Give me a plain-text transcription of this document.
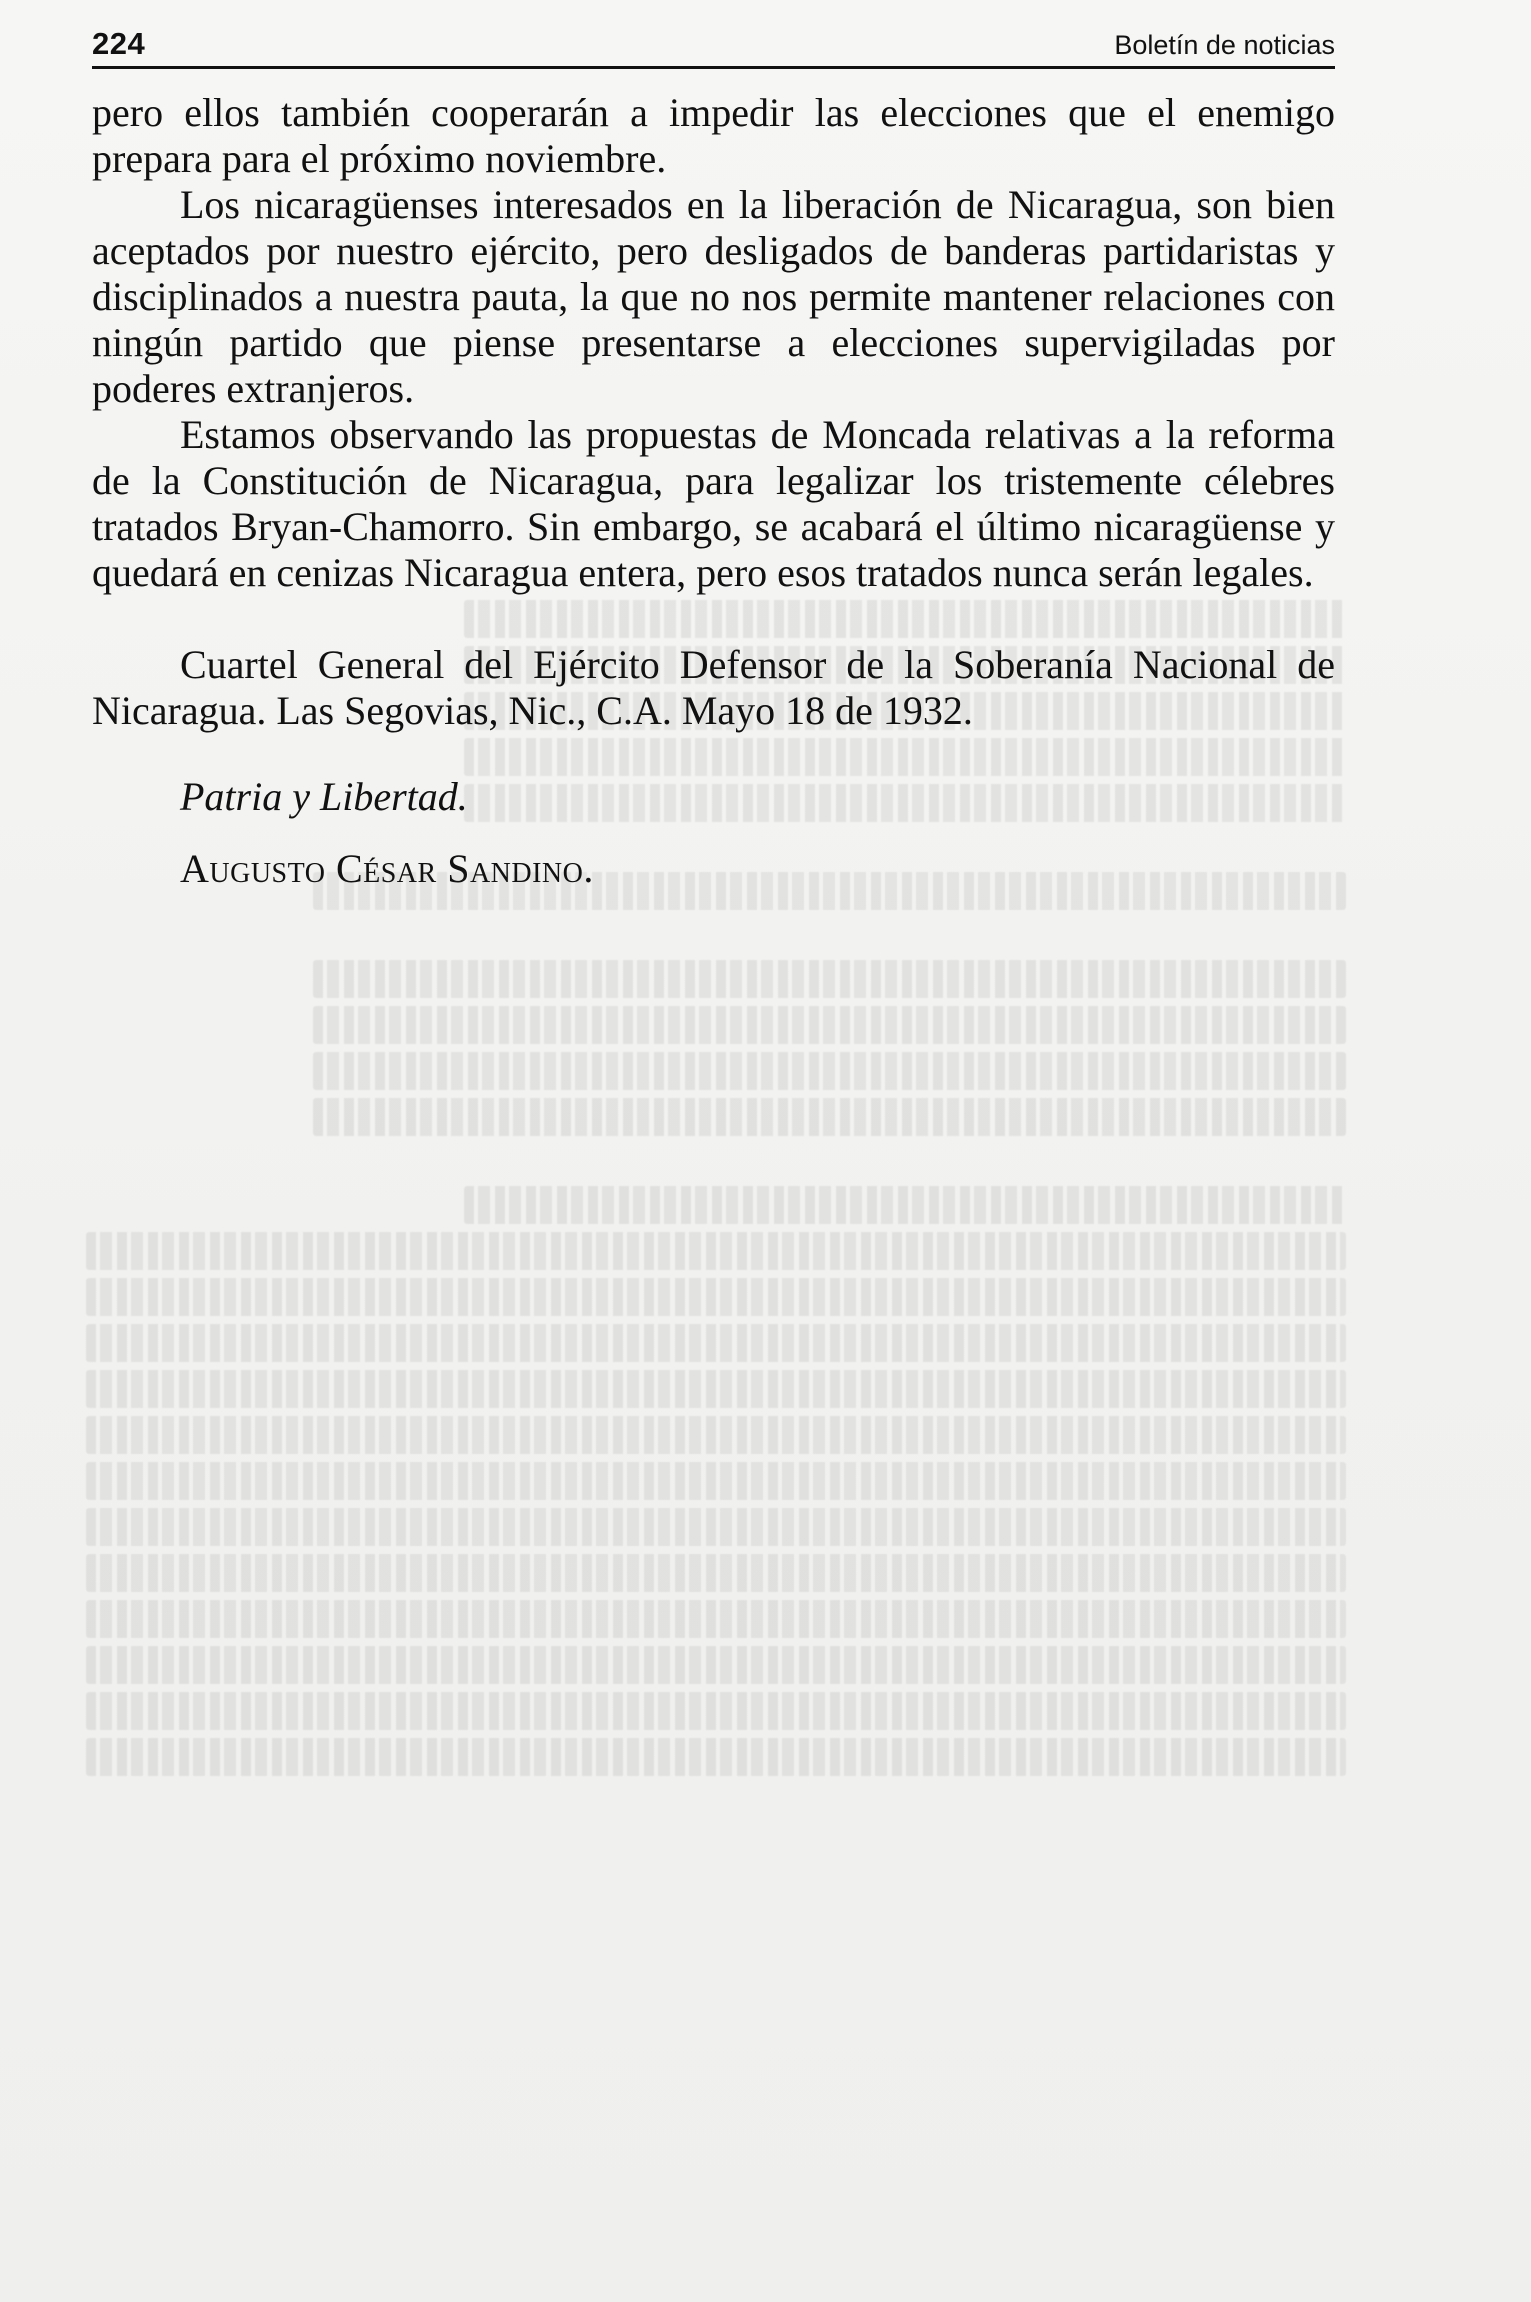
224	Boletín de noticias

pero ellos también cooperarán a impedir las elecciones que el enemigo prepara para el próximo noviembre.

Los nicaragüenses interesados en la liberación de Nicaragua, son bien aceptados por nuestro ejército, pero desligados de banderas partidaristas y disciplinados a nuestra pauta, la que no nos permite mantener relaciones con ningún partido que piense presentarse a elecciones supervigiladas por poderes extranjeros.

Estamos observando las propuestas de Moncada relativas a la reforma de la Constitución de Nicaragua, para legalizar los tristemente célebres tratados Bryan-Chamorro. Sin embargo, se acabará el último nicaragüense y quedará en cenizas Nicaragua entera, pero esos tratados nunca serán legales.

Cuartel General del Ejército Defensor de la Soberanía Nacional de Nicaragua. Las Segovias, Nic., C.A. Mayo 18 de 1932.

Patria y Libertad.

Augusto César Sandino.
